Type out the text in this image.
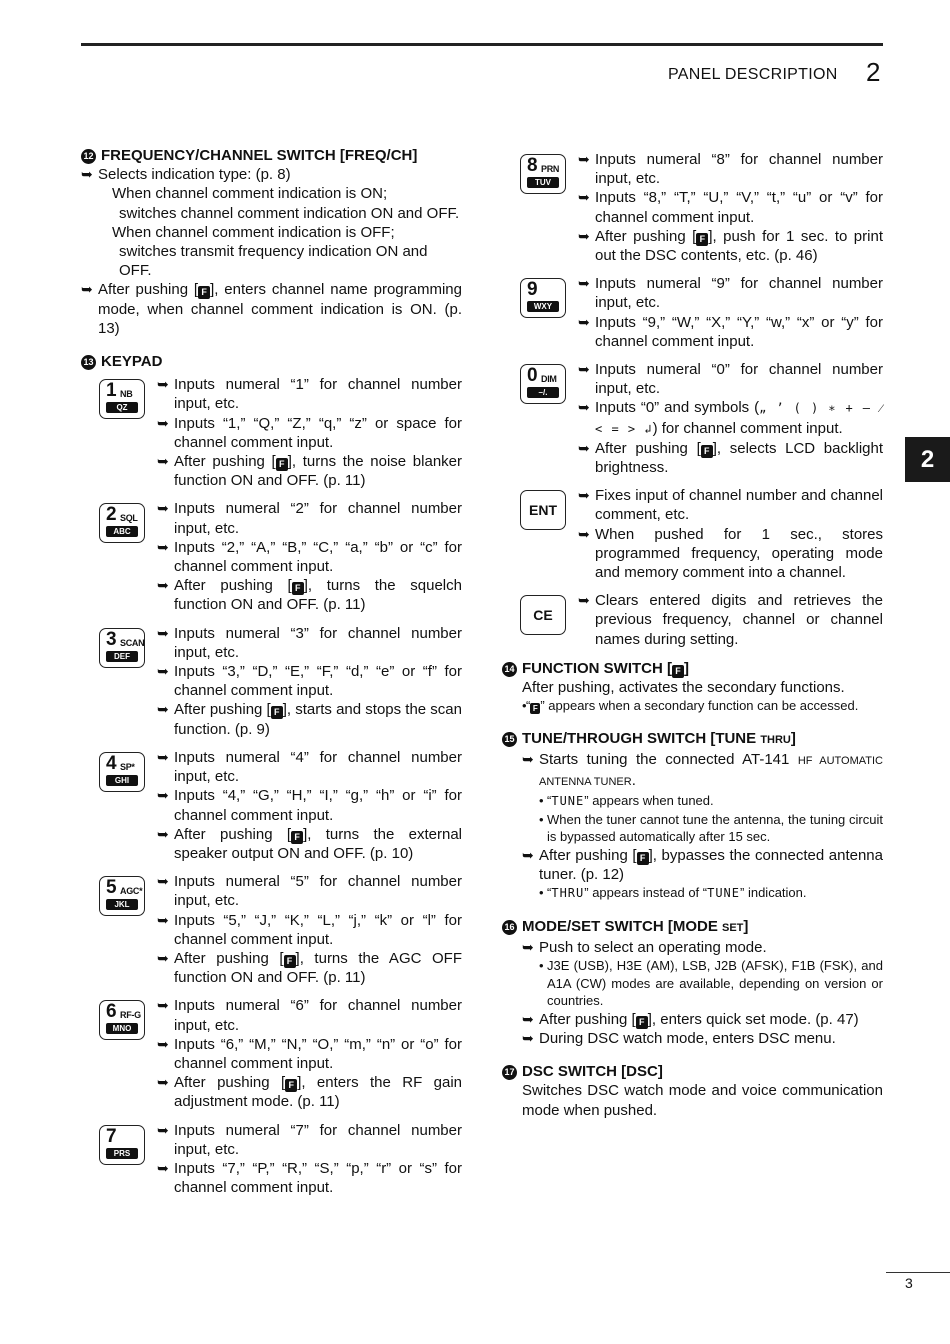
PANEL DESCRIPTION 2
2
3

12 FREQUENCY/CHANNEL SWITCH [FREQ/CH]

➥ Selects indication type: (p. 8)

When channel comment indication is ON;
switches channel comment indication ON and OFF.

When channel comment indication is OFF;
switches transmit frequency indication ON and OFF.

➥ After pushing [ F ], enters channel name programming mode, when channel comment indication is ON. (p. 13)

13 KEYPAD

1 NB
QZ

➥ Inputs numeral “1” for channel number input, etc.

➥ Inputs “1,” “Q,” “Z,” “q,” “z” or space for channel comment input.

➥ After pushing [ F ], turns the noise blanker function ON and OFF. (p. 11)

2 SQL
ABC

➥ Inputs numeral “2” for channel number input, etc.

➥ Inputs “2,” “A,” “B,” “C,” “a,” “b” or “c” for channel comment input.

➥ After pushing [ F ], turns the squelch function ON and OFF. (p. 11)

3 SCAN
DEF

➥ Inputs numeral “3” for channel number input, etc.

➥ Inputs “3,” “D,” “E,” “F,” “d,” “e” or “f” for channel comment input.

➥ After pushing [ F ], starts and stops the scan function. (p. 9)

4 SP*
GHI

➥ Inputs numeral “4” for channel number input, etc.

➥ Inputs “4,” “G,” “H,” “I,” “g,” “h” or “i” for channel comment input.

➥ After pushing [ F ], turns the external speaker output ON and OFF. (p. 10)

5 AGC*
JKL

➥ Inputs numeral “5” for channel number input, etc.

➥ Inputs “5,” “J,” “K,” “L,” “j,” “k” or “l” for channel comment input.

➥ After pushing [ F ], turns the AGC OFF function ON and OFF. (p. 11)

6 RF-G
MNO

➥ Inputs numeral “6” for channel number input, etc.

➥ Inputs “6,” “M,” “N,” “O,” “m,” “n” or “o” for channel comment input.

➥ After pushing [ F ], enters the RF gain adjustment mode. (p. 11)

7
PRS

➥ Inputs numeral “7” for channel number input, etc.

➥ Inputs “7,” “P,” “R,” “S,” “p,” “r” or “s” for channel comment input.

8 PRN
TUV

➥ Inputs numeral “8” for channel number input, etc.

➥ Inputs “8,” “T,” “U,” “V,” “t,” “u” or “v” for channel comment input.

➥ After pushing [ F ], push for 1 sec. to print out the DSC contents, etc. (p. 46)

9
WXY

➥ Inputs numeral “9” for channel number input, etc.

➥ Inputs “9,” “W,” “X,” “Y,” “w,” “x” or “y” for channel comment input.

0 DIM
–/.

➥ Inputs numeral “0” for channel number input, etc.

➥ Inputs “0” and symbols („ ’ ( ) ∗ + – ⁄ < = > ↲) for channel comment input.

➥ After pushing [ F ], selects LCD backlight brightness.

ENT

➥ Fixes input of channel number and channel comment, etc.

➥ When pushed for 1 sec., stores programmed frequency, operating mode and memory comment into a channel.

CE

➥ Clears entered digits and retrieves the previous frequency, channel or channel names during setting.

14 FUNCTION SWITCH [ F ]

After pushing, activates the secondary functions.

• “ F ” appears when a secondary function can be accessed.

15 TUNE/THROUGH SWITCH [TUNE THRU]

➥ Starts tuning the connected AT-141 HF AUTOMATIC ANTENNA TUNER.

• “TUNE” appears when tuned.

• When the tuner cannot tune the antenna, the tuning circuit is bypassed automatically after 15 sec.

➥ After pushing [ F ], bypasses the connected antenna tuner. (p. 12)

• “THRU” appears instead of “TUNE” indication.

16 MODE/SET SWITCH [MODE SET]

➥ Push to select an operating mode.

• J3E (USB), H3E (AM), LSB, J2B (AFSK), F1B (FSK), and A1A (CW) modes are available, depending on version or countries.

➥ After pushing [ F ], enters quick set mode. (p. 47)

➥ During DSC watch mode, enters DSC menu.

17 DSC SWITCH [DSC]

Switches DSC watch mode and voice communication mode when pushed.
